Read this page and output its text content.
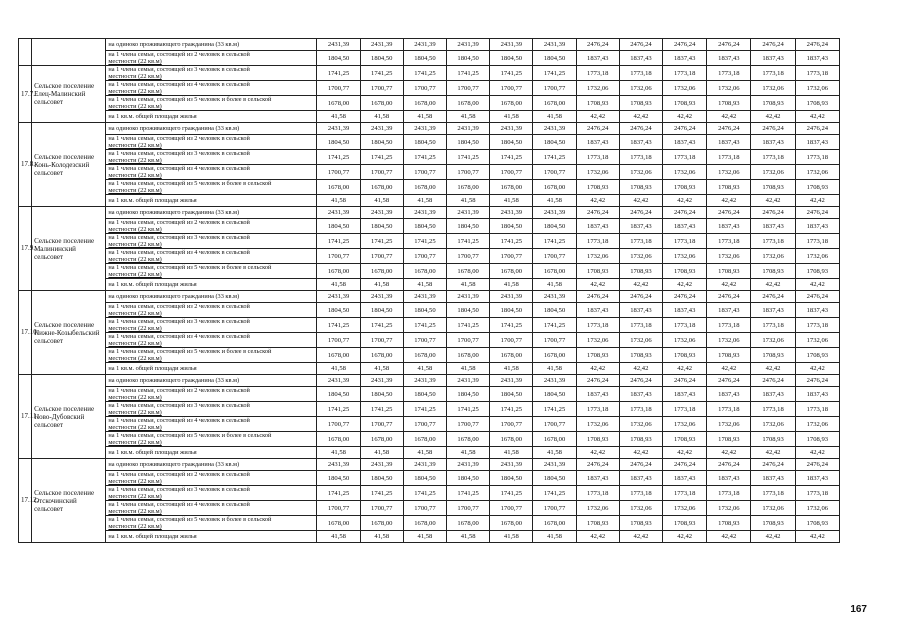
		на одиноко проживающего гражданина (33 кв.м)	2431,39	2431,39	2431,39	2431,39	2431,39	2431,39	2476,24	2476,24	2476,24	2476,24	2476,24	2476,24
		на 1 члена семьи, состоящей из 2 человек в сельской
местности (22 кв.м)	1804,50	1804,50	1804,50	1804,50	1804,50	1804,50	1837,43	1837,43	1837,43	1837,43	1837,43	1837,43
17.7.	Сельское поселение Елец-Малинский сельсовет	на 1 члена семьи, состоящей из 3 человек в сельской
местности (22 кв.м)	1741,25	1741,25	1741,25	1741,25	1741,25	1741,25	1773,18	1773,18	1773,18	1773,18	1773,18	1773,18
		на 1 члена семьи, состоящей из 4 человек в сельской
местности (22 кв.м)	1700,77	1700,77	1700,77	1700,77	1700,77	1700,77	1732,06	1732,06	1732,06	1732,06	1732,06	1732,06
		на 1 члена семьи, состоящей из 5 человек и более в сельской
местности (22 кв.м)	1678,00	1678,00	1678,00	1678,00	1678,00	1678,00	1708,93	1708,93	1708,93	1708,93	1708,93	1708,93
		на 1 кв.м. общей площади жилья	41,58	41,58	41,58	41,58	41,58	41,58	42,42	42,42	42,42	42,42	42,42	42,42
17.8.	Сельское поселение Конь-Колодезский сельсовет	на одиноко проживающего гражданина (33 кв.м)	2431,39	2431,39	2431,39	2431,39	2431,39	2431,39	2476,24	2476,24	2476,24	2476,24	2476,24	2476,24
		на 1 члена семьи, состоящей из 2 человек в сельской
местности (22 кв.м)	1804,50	1804,50	1804,50	1804,50	1804,50	1804,50	1837,43	1837,43	1837,43	1837,43	1837,43	1837,43
		на 1 члена семьи, состоящей из 3 человек в сельской
местности (22 кв.м)	1741,25	1741,25	1741,25	1741,25	1741,25	1741,25	1773,18	1773,18	1773,18	1773,18	1773,18	1773,18
		на 1 члена семьи, состоящей из 4 человек в сельской
местности (22 кв.м)	1700,77	1700,77	1700,77	1700,77	1700,77	1700,77	1732,06	1732,06	1732,06	1732,06	1732,06	1732,06
		на 1 члена семьи, состоящей из 5 человек и более в сельской
местности (22 кв.м)	1678,00	1678,00	1678,00	1678,00	1678,00	1678,00	1708,93	1708,93	1708,93	1708,93	1708,93	1708,93
		на 1 кв.м. общей площади жилья	41,58	41,58	41,58	41,58	41,58	41,58	42,42	42,42	42,42	42,42	42,42	42,42
17.9.	Сельское поселение Малининский сельсовет	на одиноко проживающего гражданина (33 кв.м)	2431,39	2431,39	2431,39	2431,39	2431,39	2431,39	2476,24	2476,24	2476,24	2476,24	2476,24	2476,24
		на 1 члена семьи, состоящей из 2 человек в сельской
местности (22 кв.м)	1804,50	1804,50	1804,50	1804,50	1804,50	1804,50	1837,43	1837,43	1837,43	1837,43	1837,43	1837,43
		на 1 члена семьи, состоящей из 3 человек в сельской
местности (22 кв.м)	1741,25	1741,25	1741,25	1741,25	1741,25	1741,25	1773,18	1773,18	1773,18	1773,18	1773,18	1773,18
		на 1 члена семьи, состоящей из 4 человек в сельской
местности (22 кв.м)	1700,77	1700,77	1700,77	1700,77	1700,77	1700,77	1732,06	1732,06	1732,06	1732,06	1732,06	1732,06
		на 1 члена семьи, состоящей из 5 человек и более в сельской
местности (22 кв.м)	1678,00	1678,00	1678,00	1678,00	1678,00	1678,00	1708,93	1708,93	1708,93	1708,93	1708,93	1708,93
		на 1 кв.м. общей площади жилья	41,58	41,58	41,58	41,58	41,58	41,58	42,42	42,42	42,42	42,42	42,42	42,42
17.10.	Сельское поселение Нижне-Козыбельский сельсовет	на одиноко проживающего гражданина (33 кв.м)	2431,39	2431,39	2431,39	2431,39	2431,39	2431,39	2476,24	2476,24	2476,24	2476,24	2476,24	2476,24
		на 1 члена семьи, состоящей из 2 человек в сельской
местности (22 кв.м)	1804,50	1804,50	1804,50	1804,50	1804,50	1804,50	1837,43	1837,43	1837,43	1837,43	1837,43	1837,43
		на 1 члена семьи, состоящей из 3 человек в сельской
местности (22 кв.м)	1741,25	1741,25	1741,25	1741,25	1741,25	1741,25	1773,18	1773,18	1773,18	1773,18	1773,18	1773,18
		на 1 члена семьи, состоящей из 4 человек в сельской
местности (22 кв.м)	1700,77	1700,77	1700,77	1700,77	1700,77	1700,77	1732,06	1732,06	1732,06	1732,06	1732,06	1732,06
		на 1 члена семьи, состоящей из 5 человек и более в сельской
местности (22 кв.м)	1678,00	1678,00	1678,00	1678,00	1678,00	1678,00	1708,93	1708,93	1708,93	1708,93	1708,93	1708,93
		на 1 кв.м. общей площади жилья	41,58	41,58	41,58	41,58	41,58	41,58	42,42	42,42	42,42	42,42	42,42	42,42
17.11.	Сельское поселение Ново-Дубовский сельсовет	на одиноко проживающего гражданина (33 кв.м)	2431,39	2431,39	2431,39	2431,39	2431,39	2431,39	2476,24	2476,24	2476,24	2476,24	2476,24	2476,24
		на 1 члена семьи, состоящей из 2 человек в сельской
местности (22 кв.м)	1804,50	1804,50	1804,50	1804,50	1804,50	1804,50	1837,43	1837,43	1837,43	1837,43	1837,43	1837,43
		на 1 члена семьи, состоящей из 3 человек в сельской
местности (22 кв.м)	1741,25	1741,25	1741,25	1741,25	1741,25	1741,25	1773,18	1773,18	1773,18	1773,18	1773,18	1773,18
		на 1 члена семьи, состоящей из 4 человек в сельской
местности (22 кв.м)	1700,77	1700,77	1700,77	1700,77	1700,77	1700,77	1732,06	1732,06	1732,06	1732,06	1732,06	1732,06
		на 1 члена семьи, состоящей из 5 человек и более в сельской
местности (22 кв.м)	1678,00	1678,00	1678,00	1678,00	1678,00	1678,00	1708,93	1708,93	1708,93	1708,93	1708,93	1708,93
		на 1 кв.м. общей площади жилья	41,58	41,58	41,58	41,58	41,58	41,58	42,42	42,42	42,42	42,42	42,42	42,42
17.12.	Сельское поселение Отскочинский сельсовет	на одиноко проживающего гражданина (33 кв.м)	2431,39	2431,39	2431,39	2431,39	2431,39	2431,39	2476,24	2476,24	2476,24	2476,24	2476,24	2476,24
		на 1 члена семьи, состоящей из 2 человек в сельской
местности (22 кв.м)	1804,50	1804,50	1804,50	1804,50	1804,50	1804,50	1837,43	1837,43	1837,43	1837,43	1837,43	1837,43
		на 1 члена семьи, состоящей из 3 человек в сельской
местности (22 кв.м)	1741,25	1741,25	1741,25	1741,25	1741,25	1741,25	1773,18	1773,18	1773,18	1773,18	1773,18	1773,18
		на 1 члена семьи, состоящей из 4 человек в сельской
местности (22 кв.м)	1700,77	1700,77	1700,77	1700,77	1700,77	1700,77	1732,06	1732,06	1732,06	1732,06	1732,06	1732,06
		на 1 члена семьи, состоящей из 5 человек и более в сельской
местности (22 кв.м)	1678,00	1678,00	1678,00	1678,00	1678,00	1678,00	1708,93	1708,93	1708,93	1708,93	1708,93	1708,93
		на 1 кв.м. общей площади жилья	41,58	41,58	41,58	41,58	41,58	41,58	42,42	42,42	42,42	42,42	42,42	42,42
167
